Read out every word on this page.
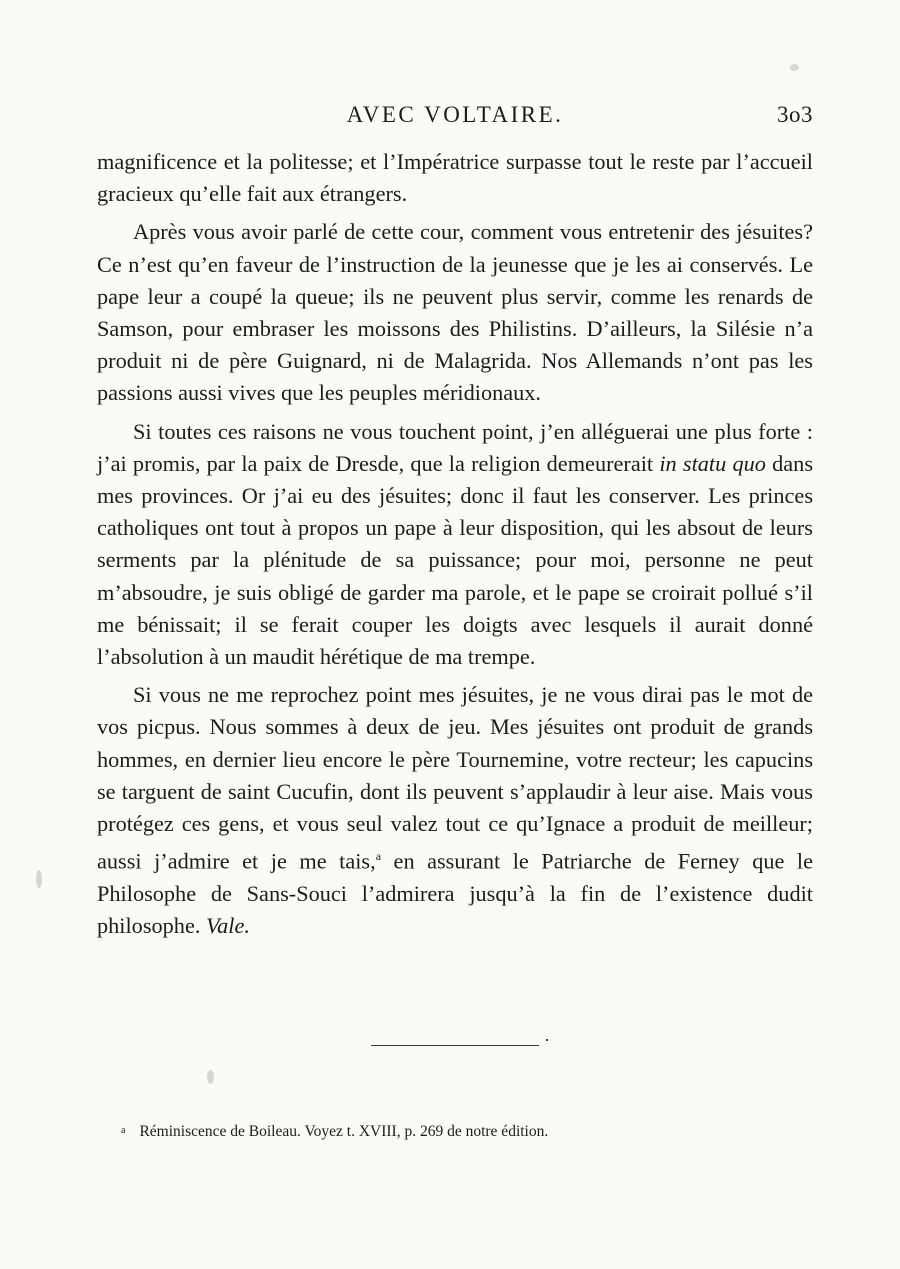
AVEC VOLTAIRE.	3o3

magnificence et la politesse; et l’Impératrice surpasse tout le reste par l’accueil gracieux qu’elle fait aux étrangers.

Après vous avoir parlé de cette cour, comment vous entretenir des jésuites? Ce n’est qu’en faveur de l’instruction de la jeunesse que je les ai conservés. Le pape leur a coupé la queue; ils ne peuvent plus servir, comme les renards de Samson, pour embraser les moissons des Philistins. D’ailleurs, la Silésie n’a produit ni de père Guignard, ni de Malagrida. Nos Allemands n’ont pas les passions aussi vives que les peuples méridionaux.

Si toutes ces raisons ne vous touchent point, j’en alléguerai une plus forte : j’ai promis, par la paix de Dresde, que la religion demeurerait in statu quo dans mes provinces. Or j’ai eu des jésuites; donc il faut les conserver. Les princes catholiques ont tout à propos un pape à leur disposition, qui les absout de leurs serments par la plénitude de sa puissance; pour moi, personne ne peut m’absoudre, je suis obligé de garder ma parole, et le pape se croirait pollué s’il me bénissait; il se ferait couper les doigts avec lesquels il aurait donné l’absolution à un maudit hérétique de ma trempe.

Si vous ne me reprochez point mes jésuites, je ne vous dirai pas le mot de vos picpus. Nous sommes à deux de jeu. Mes jésuites ont produit de grands hommes, en dernier lieu encore le père Tournemine, votre recteur; les capucins se targuent de saint Cucufin, dont ils peuvent s’applaudir à leur aise. Mais vous protégez ces gens, et vous seul valez tout ce qu’Ignace a produit de meilleur; aussi j’admire et je me tais,$^a$ en assurant le Patriarche de Ferney que le Philosophe de Sans-Souci l’admirera jusqu’à la fin de l’existence dudit philosophe. Vale.

$^a$ Réminiscence de Boileau. Voyez t. XVIII, p. 269 de notre édition.
